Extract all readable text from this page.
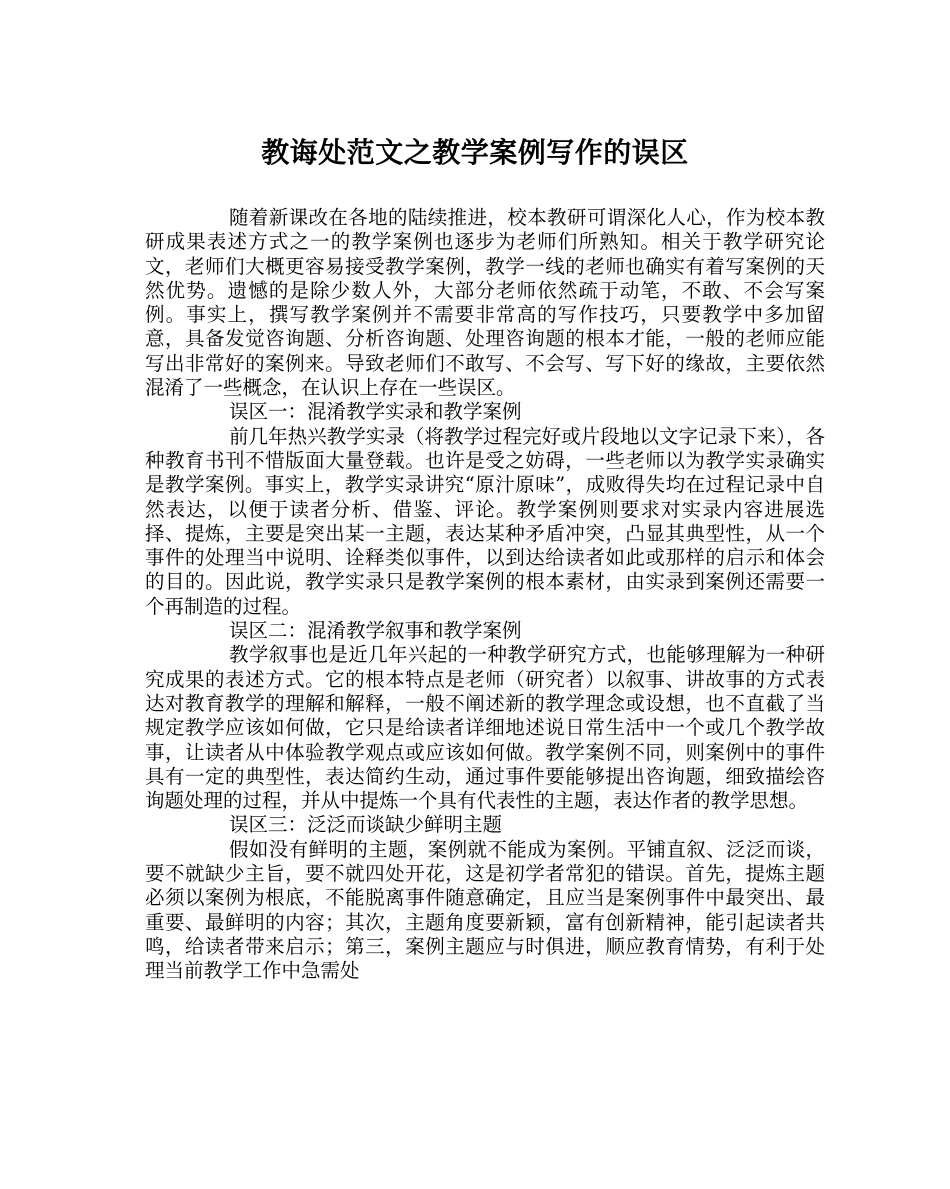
教诲处范文之教学案例写作的误区

随着新课改在各地的陆续推进，校本教研可谓深化人心，作为校本教研成果表述方式之一的教学案例也逐步为老师们所熟知。相关于教学研究论文，老师们大概更容易接受教学案例，教学一线的老师也确实有着写案例的天然优势。遗憾的是除少数人外，大部分老师依然疏于动笔，不敢、不会写案例。事实上，撰写教学案例并不需要非常高的写作技巧，只要教学中多加留意，具备发觉咨询题、分析咨询题、处理咨询题的根本才能，一般的老师应能写出非常好的案例来。导致老师们不敢写、不会写、写下好的缘故，主要依然混淆了一些概念，在认识上存在一些误区。

误区一：混淆教学实录和教学案例

前几年热兴教学实录（将教学过程完好或片段地以文字记录下来），各种教育书刊不惜版面大量登载。也许是受之妨碍，一些老师以为教学实录确实是教学案例。事实上，教学实录讲究“原汁原味”，成败得失均在过程记录中自然表达，以便于读者分析、借鉴、评论。教学案例则要求对实录内容进展选择、提炼，主要是突出某一主题，表达某种矛盾冲突，凸显其典型性，从一个事件的处理当中说明、诠释类似事件，以到达给读者如此或那样的启示和体会的目的。因此说，教学实录只是教学案例的根本素材，由实录到案例还需要一个再制造的过程。

误区二：混淆教学叙事和教学案例

教学叙事也是近几年兴起的一种教学研究方式，也能够理解为一种研究成果的表述方式。它的根本特点是老师（研究者）以叙事、讲故事的方式表达对教育教学的理解和解释，一般不阐述新的教学理念或设想，也不直截了当规定教学应该如何做，它只是给读者详细地述说日常生活中一个或几个教学故事，让读者从中体验教学观点或应该如何做。教学案例不同，则案例中的事件具有一定的典型性，表达简约生动，通过事件要能够提出咨询题，细致描绘咨询题处理的过程，并从中提炼一个具有代表性的主题，表达作者的教学思想。

误区三：泛泛而谈缺少鲜明主题

假如没有鲜明的主题，案例就不能成为案例。平铺直叙、泛泛而谈，要不就缺少主旨，要不就四处开花，这是初学者常犯的错误。首先，提炼主题必须以案例为根底，不能脱离事件随意确定，且应当是案例事件中最突出、最重要、最鲜明的内容；其次，主题角度要新颖，富有创新精神，能引起读者共鸣，给读者带来启示；第三，案例主题应与时俱进，顺应教育情势，有利于处理当前教学工作中急需处
